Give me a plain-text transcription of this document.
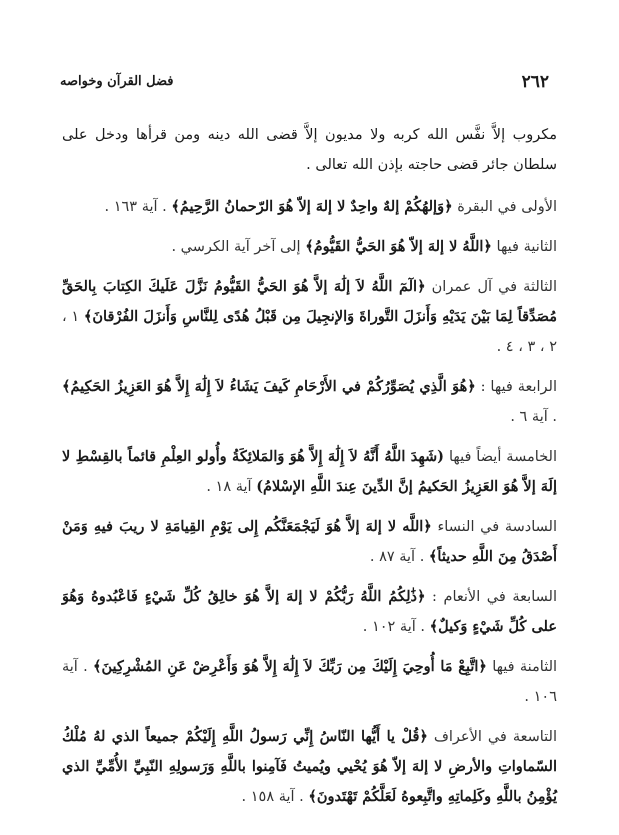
٢٦٢
فضل القرآن وخواصه

مكروب إلاَّ نفَّس الله كربه ولا مديون إلاَّ قضى الله دينه ومن قرأها ودخل على سلطان جائر قضى حاجته بإذن الله تعالى .

الأولى في البقرة ﴿وَإلهُكُمْ إلهٌ واحِدٌ لا إلهَ إلاّ هُوَ الرّحمانُ الرَّحِيمُ﴾ . آية ١٦٣ .

الثانية فيها ﴿اللَّهُ لا إلهَ إلاّ هُوَ الحَيُّ القَيُّومُ﴾ إلى آخر آية الكرسي .

الثالثة في آل عمران ﴿الٓمٓ اللَّهُ لاَ إلَٰهَ إلاَّ هُوَ الحَيُّ القَيُّومُ نَزَّلَ عَلَيكَ الكِتابَ بِالحَقِّ مُصَدِّقاً لِمَا بَيْنَ يَدَيْهِ وَأَنزَلَ التَّوراةَ وَالإنجِيلَ مِن قَبْلُ هُدًى لِلنَّاسِ وَأَنزَلَ الفُرْقانَ﴾ ١ ، ٢ ، ٣ ، ٤ .

الرابعة فيها : ﴿هُوَ الَّذِي يُصَوِّرُكُمْ في الأَرْحَامِ كَيفَ يَشَاءُ لاَ إِلَٰهَ إِلاَّ هُوَ العَزِيزُ الحَكِيمُ﴾ . آية ٦ .

الخامسة أيضاً فيها (شَهِدَ اللَّهُ أَنَّهُ لاَ إِلَٰهَ إِلاَّ هُوَ وَالمَلائِكَةُ وأُولو العِلْمِ قائماً بالقِسْطِ لا إلَهَ إلاَّ هُوَ العَزِيزُ الحَكيمُ إنَّ الدِّينَ عِندَ اللَّهِ الإسْلامُ) آية ١٨ .

السادسة في النساء ﴿اللَّه لا إلهَ إلاَّ هُوَ لَيَجْمَعَنَّكُم إِلى يَوْمِ القِيامَةِ لا ريبَ فيهِ وَمَنْ أَصْدَقُ مِنَ اللَّهِ حديثاً﴾ . آية ٨٧ .

السابعة في الأنعام : ﴿ذَٰلِكُمُ اللَّهُ رَبُّكُمْ لا إلهَ إلاَّ هُوَ خالِقُ كُلِّ شَيْءٍ فَاعْبُدوهُ وَهُوَ على كُلِّ شَيْءٍ وَكيلٌ﴾ . آية ١٠٢ .

الثامنة فيها ﴿اتَّبِعْ مَا أُوحِيَ إِلَيْكَ مِن رَبِّكَ لاَ إِلَٰهَ إِلاَّ هُوَ وَأَعْرِضْ عَنِ المُشْرِكِينَ﴾ . آية ١٠٦ .

التاسعة في الأعراف ﴿قُلْ يا أَيُّها النّاسُ إِنِّي رَسولُ اللَّهِ إِلَيْكُمْ جميعاً الذي لهُ مُلْكُ السّماواتِ والأرضِ لا إلهَ إلاّ هُوَ يُحْيي ويُميتُ فَآمِنوا باللَّهِ وَرَسولِهِ النّبِيِّ الأُمِّيِّ الذي يُؤْمِنُ باللَّهِ وكَلِماتِهِ واتَّبِعوهُ لَعَلَّكُمْ تَهْتَدونَ﴾ . آية ١٥٨ .
